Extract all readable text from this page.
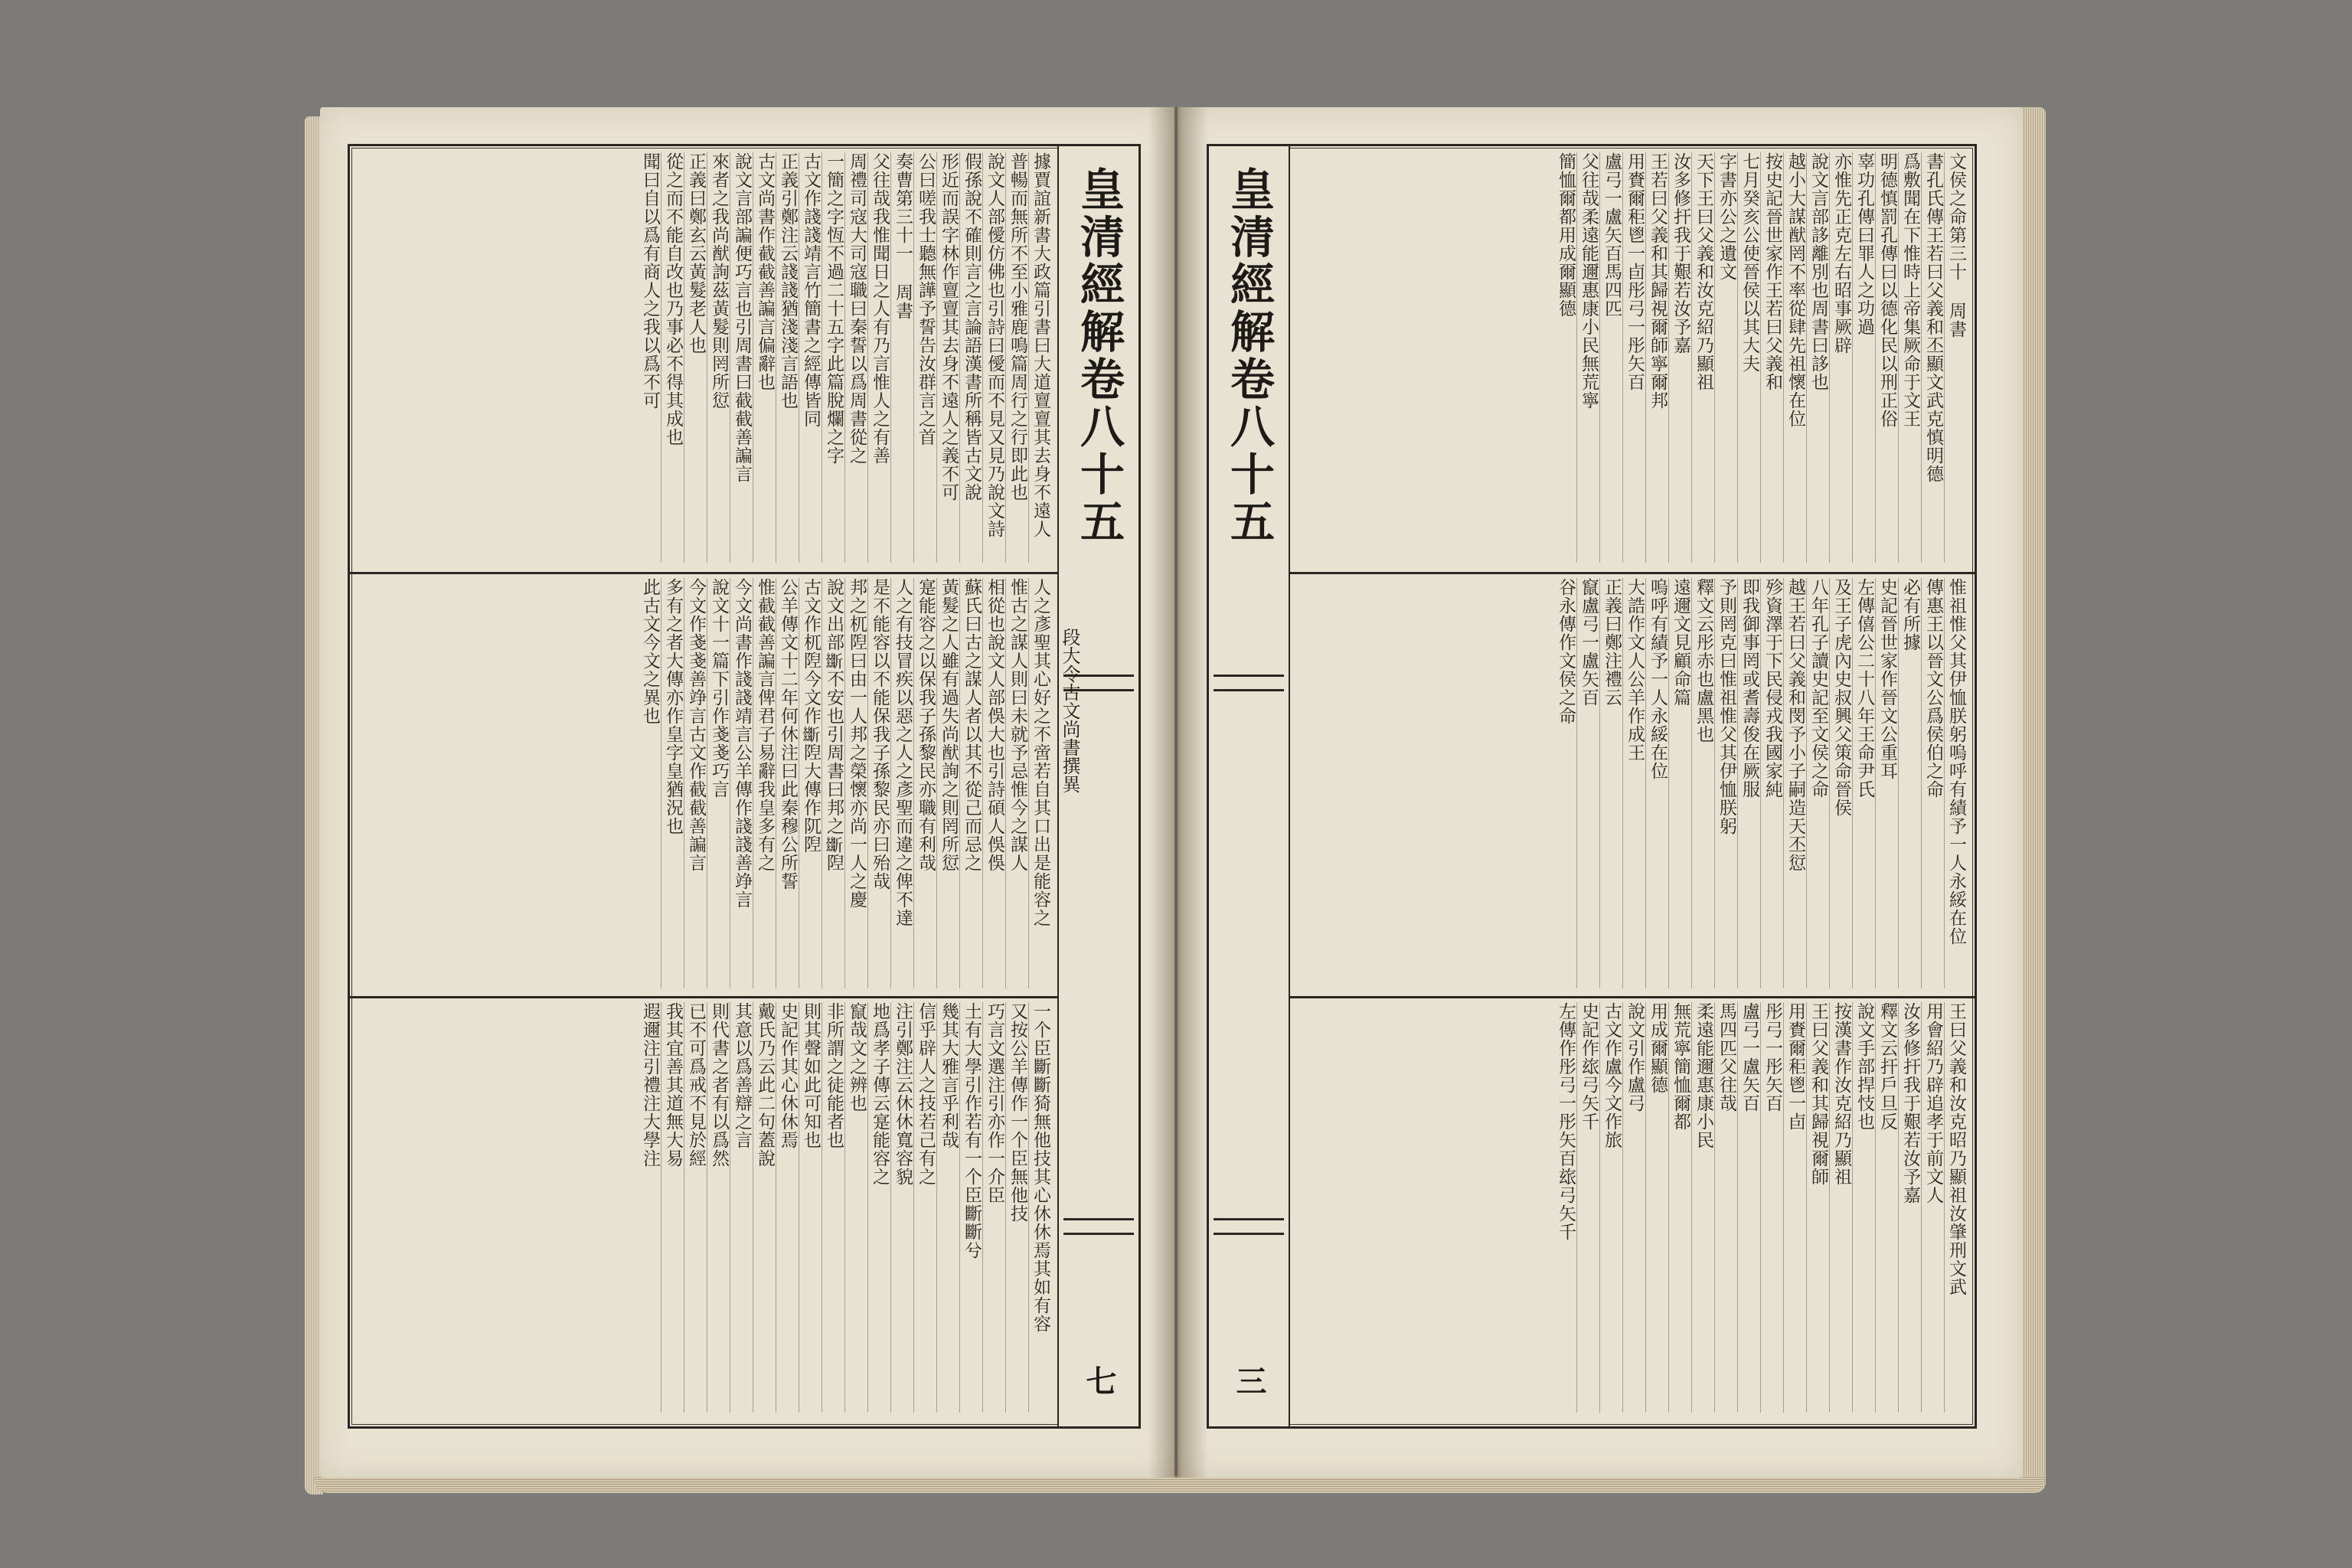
據賈誼新書大政篇引書曰大道亶亶其去身不遠人
普暢而無所不至小雅鹿鳴篇周行之行即此也
說文人部僾仿佛也引詩曰僾而不見又見乃說文詩
假孫說不確則言之言論語漢書所稱皆古文說
形近而誤字林作亶亶其去身不遠人之義不可
公曰嗟我士聽無譁予誓告汝群言之首
奏曹第三十一 周書
父往哉我惟聞日之人有乃言惟人之有善
周禮司寇大司寇職曰秦誓以爲周書從之
一簡之字恆不過二十五字此篇脫爛之字
古文作諓諓靖言竹簡書之經傳皆同
正義引鄭注云諓諓猶淺淺言語也
古文尚書作截截善諞言偏辭也
說文言部諞便巧言也引周書曰截截善諞言
來者之我尚猷詢茲黃髮則罔所愆
正義曰鄭玄云黃髮老人也
從之而不能自改也乃事必不得其成也
聞曰自以爲有商人之我以爲不可
人之彥聖其心好之不啻若自其口出是能容之
惟古之謀人則曰未就予忌惟今之謀人
相從也說文人部俁大也引詩碩人俁俁
蘇氏曰古之謀人者以其不從己而忌之
黃髮之人雖有過失尚猷詢之則罔所愆
寔能容之以保我子孫黎民亦職有利哉
人之有技冒疾以惡之人之彥聖而違之俾不達
是不能容以不能保我子孫黎民亦曰殆哉
邦之杌隉曰由一人邦之榮懷亦尚一人之慶
說文出部𣃔不安也引周書曰邦之𣃔隉
古文作杌隉今文作𣃔隉大傳作阢隉
公羊傳文十二年何休注曰此秦穆公所誓
惟截截善諞言俾君子易辭我皇多有之
今文尚書作諓諓靖言公羊傳作諓諓善竫言
說文十一篇下引作戔戔巧言
今文作戔戔善竫言古文作截截善諞言
多有之者大傳亦作皇字皇猶況也
此古文今文之異也
一个臣斷斷猗無他技其心休休焉其如有容
又按公羊傳作一个臣無他技
巧言文選注引亦作一介臣
土有大學引作若有一个臣斷斷兮
幾其大雅言乎利哉
信乎辟人之技若己有之
注引鄭注云休休寬容貌
地爲孝子傳云寔能容之
竄哉文之辨也
非所謂之徒能者也
則其聲如此可知也
史記作其心休休焉
戴氏乃云此二句蓋說
其意以爲善辯之言
則代書之者有以爲然
已不可爲戒不見於經
我其宜善其道無大易
遐邇注引禮注大學注
皇清經解卷八十五
七
文侯之命第三十 周書
書孔氏傳王若曰父義和丕顯文武克慎明德
爲敷聞在下惟時上帝集厥命于文王
明德慎罰孔傳曰以德化民以刑正俗
辜功孔傳曰罪人之功過
亦惟先正克左右昭事厥辟
說文言部誃離別也周書曰誃也
越小大謀猷罔不率從肆先祖懷在位
按史記晉世家作王若曰父義和
七月癸亥公使晉侯以其大夫
字書亦公之遺文
天下王曰父義和汝克紹乃顯祖
汝多修扞我于艱若汝予嘉
王若曰父義和其歸視爾師寧爾邦
用賚爾秬鬯一卣彤弓一彤矢百
盧弓一盧矢百馬四匹
父往哉柔遠能邇惠康小民無荒寧
簡恤爾都用成爾顯德
惟祖惟父其伊恤朕躬嗚呼有績予一人永綏在位
傳惠王以晉文公爲侯伯之命
必有所據
史記晉世家作晉文公重耳
左傳僖公二十八年王命尹氏
及王子虎內史叔興父策命晉侯
八年孔子讀史記至文侯之命
越王若曰父義和閔予小子嗣造天丕愆
殄資澤于下民侵戎我國家純
即我御事罔或耆壽俊在厥服
予則罔克曰惟祖惟父其伊恤朕躬
釋文云彤赤也盧黑也
遠邇文見顧命篇
嗚呼有績予一人永綏在位
大誥作文人公羊作成王
正義曰鄭注禮云
竄盧弓一盧矢百
谷永傳作文侯之命
王曰父義和汝克昭乃顯祖汝肇刑文武
用會紹乃辟追孝于前文人
汝多修扞我于艱若汝予嘉
釋文云扞戶旦反
說文手部捍忮也
按漢書作汝克紹乃顯祖
王曰父義和其歸視爾師
用賚爾秬鬯一卣
彤弓一彤矢百
盧弓一盧矢百
馬四匹父往哉
柔遠能邇惠康小民
無荒寧簡恤爾都
用成爾顯德
說文引作盧弓
古文作盧今文作旅
史記作玈弓矢千
左傳作彤弓一彤矢百玈弓矢千
皇清經解卷八十五
三
段大令古文尚書撰異
